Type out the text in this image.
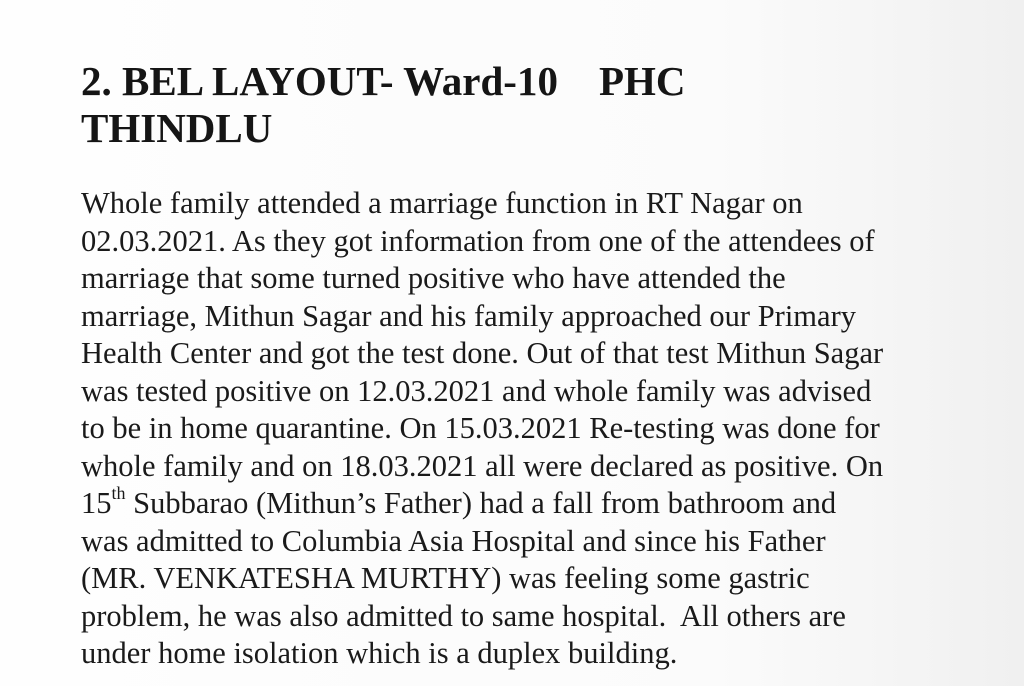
2. BEL LAYOUT- Ward-10    PHC
THINDLU
Whole family attended a marriage function in RT Nagar on
02.03.2021. As they got information from one of the attendees of
marriage that some turned positive who have attended the
marriage, Mithun Sagar and his family approached our Primary
Health Center and got the test done. Out of that test Mithun Sagar
was tested positive on 12.03.2021 and whole family was advised
to be in home quarantine. On 15.03.2021 Re-testing was done for
whole family and on 18.03.2021 all were declared as positive. On
15th Subbarao (Mithun’s Father) had a fall from bathroom and
was admitted to Columbia Asia Hospital and since his Father
(MR. VENKATESHA MURTHY) was feeling some gastric
problem, he was also admitted to same hospital.  All others are
under home isolation which is a duplex building.
